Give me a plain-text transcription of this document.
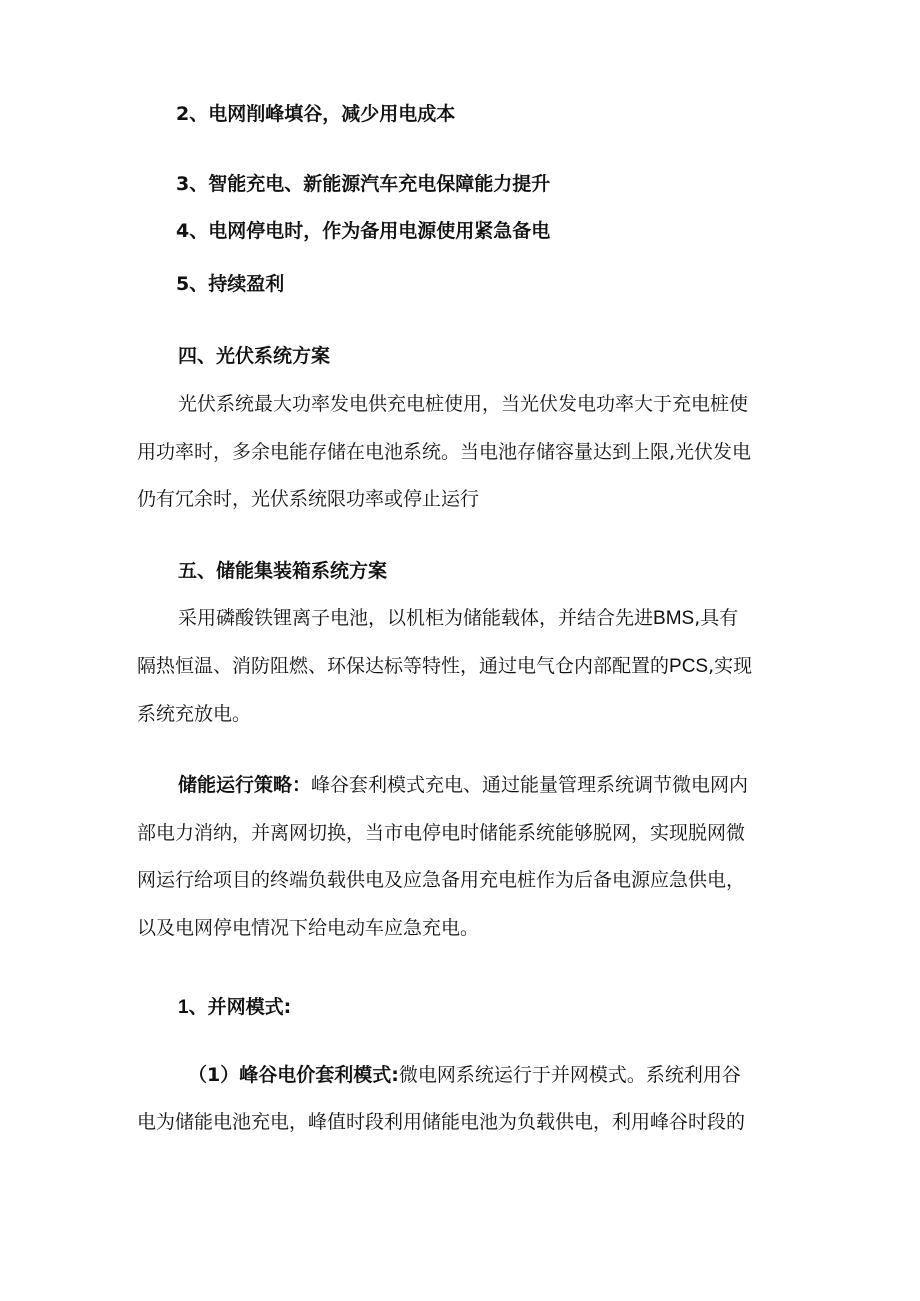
2、电网削峰填谷，减少用电成本
3、智能充电、新能源汽车充电保障能力提升
4、电网停电时，作为备用电源使用紧急备电
5、持续盈利
四、光伏系统方案
光伏系统最大功率发电供充电桩使用，当光伏发电功率大于充电桩使
用功率时，多余电能存储在电池系统。当电池存储容量达到上限,光伏发电
仍有冗余时，光伏系统限功率或停止运行
五、储能集装箱系统方案
采用磷酸铁锂离子电池，以机柜为储能载体，并结合先进BMS,具有
隔热恒温、消防阻燃、环保达标等特性，通过电气仓内部配置的PCS,实现
系统充放电。
储能运行策略：峰谷套利模式充电、通过能量管理系统调节微电网内
部电力消纳，并离网切换，当市电停电时储能系统能够脱网，实现脱网微
网运行给项目的终端负载供电及应急备用充电桩作为后备电源应急供电，
以及电网停电情况下给电动车应急充电。
1、并网模式:
（1）峰谷电价套利模式:微电网系统运行于并网模式。系统利用谷
电为储能电池充电，峰值时段利用储能电池为负载供电，利用峰谷时段的
